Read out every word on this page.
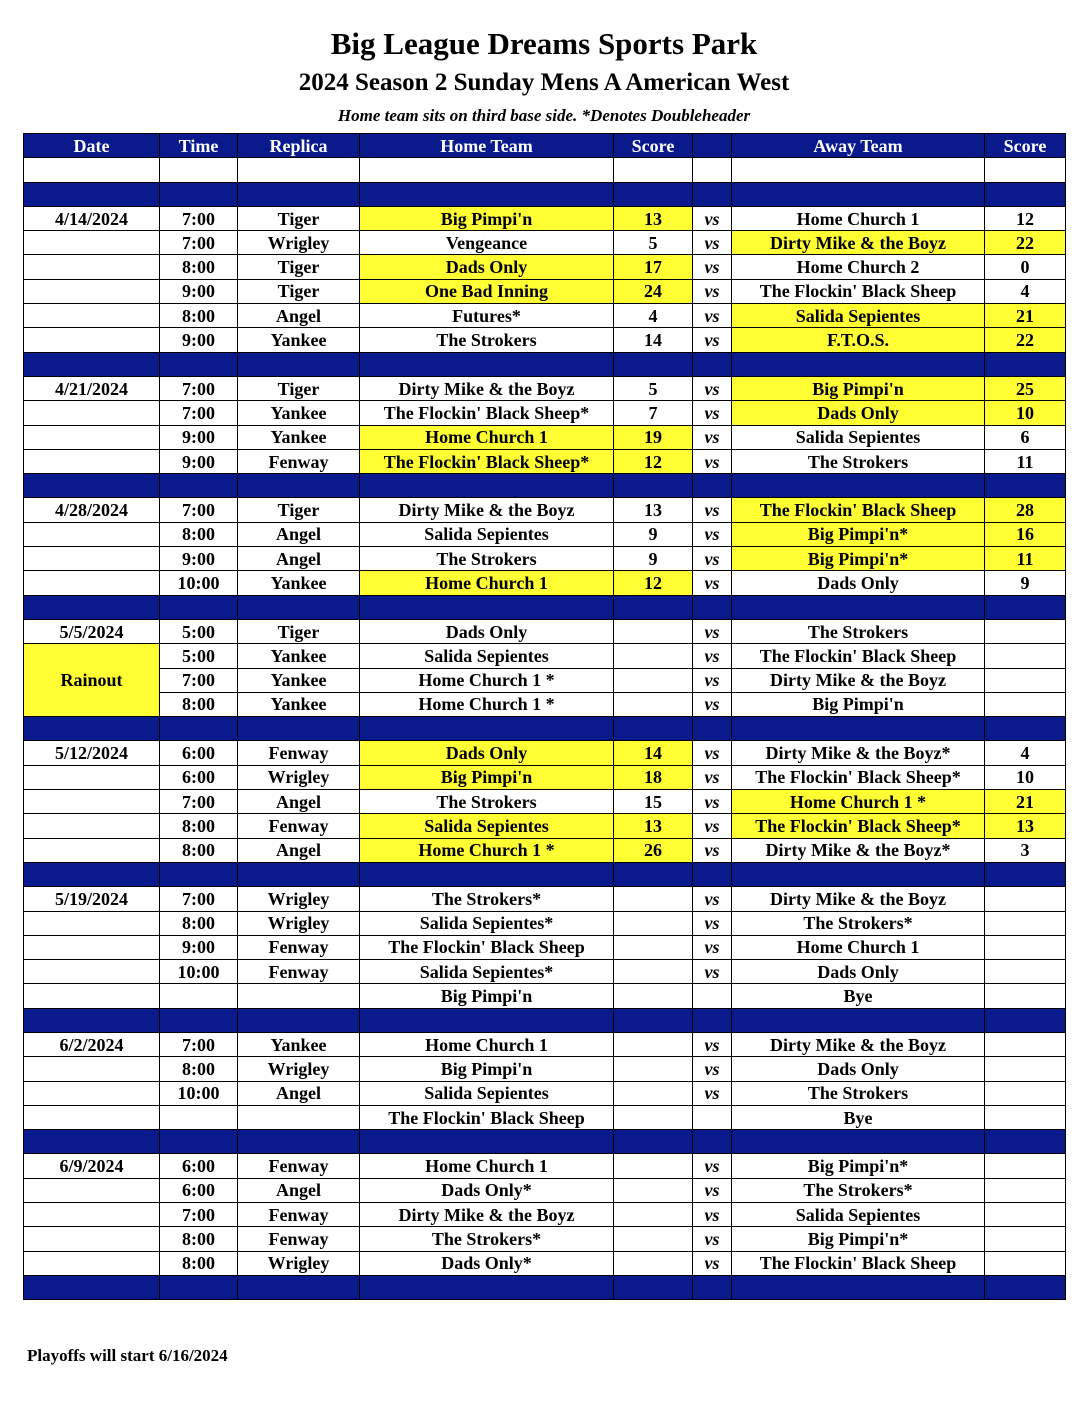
Big League Dreams Sports Park
2024 Season 2 Sunday Mens A American West
Home team sits on third base side. *Denotes Doubleheader
Date	Time	Replica	Home Team	Score		Away Team	Score

4/14/2024	7:00	Tiger	Big Pimpi'n	13	vs	Home Church 1	12
	7:00	Wrigley	Vengeance	5	vs	Dirty Mike & the Boyz	22
	8:00	Tiger	Dads Only	17	vs	Home Church 2	0
	9:00	Tiger	One Bad Inning	24	vs	The Flockin' Black Sheep	4
	8:00	Angel	Futures*	4	vs	Salida Sepientes	21
	9:00	Yankee	The Strokers	14	vs	F.T.O.S.	22

4/21/2024	7:00	Tiger	Dirty Mike & the Boyz	5	vs	Big Pimpi'n	25
	7:00	Yankee	The Flockin' Black Sheep*	7	vs	Dads Only	10
	9:00	Yankee	Home Church 1	19	vs	Salida Sepientes	6
	9:00	Fenway	The Flockin' Black Sheep*	12	vs	The Strokers	11

4/28/2024	7:00	Tiger	Dirty Mike & the Boyz	13	vs	The Flockin' Black Sheep	28
	8:00	Angel	Salida Sepientes	9	vs	Big Pimpi'n*	16
	9:00	Angel	The Strokers	9	vs	Big Pimpi'n*	11
	10:00	Yankee	Home Church 1	12	vs	Dads Only	9

5/5/2024	5:00	Tiger	Dads Only		vs	The Strokers	
Rainout	5:00	Yankee	Salida Sepientes		vs	The Flockin' Black Sheep	
	7:00	Yankee	Home Church 1 *		vs	Dirty Mike & the Boyz	
	8:00	Yankee	Home Church 1 *		vs	Big Pimpi'n	

5/12/2024	6:00	Fenway	Dads Only	14	vs	Dirty Mike & the Boyz*	4
	6:00	Wrigley	Big Pimpi'n	18	vs	The Flockin' Black Sheep*	10
	7:00	Angel	The Strokers	15	vs	Home Church 1 *	21
	8:00	Fenway	Salida Sepientes	13	vs	The Flockin' Black Sheep*	13
	8:00	Angel	Home Church 1 *	26	vs	Dirty Mike & the Boyz*	3

5/19/2024	7:00	Wrigley	The Strokers*		vs	Dirty Mike & the Boyz	
	8:00	Wrigley	Salida Sepientes*		vs	The Strokers*	
	9:00	Fenway	The Flockin' Black Sheep		vs	Home Church 1	
	10:00	Fenway	Salida Sepientes*		vs	Dads Only	
			Big Pimpi'n			Bye	

6/2/2024	7:00	Yankee	Home Church 1		vs	Dirty Mike & the Boyz	
	8:00	Wrigley	Big Pimpi'n		vs	Dads Only	
	10:00	Angel	Salida Sepientes		vs	The Strokers	
			The Flockin' Black Sheep			Bye	

6/9/2024	6:00	Fenway	Home Church 1		vs	Big Pimpi'n*	
	6:00	Angel	Dads Only*		vs	The Strokers*	
	7:00	Fenway	Dirty Mike & the Boyz		vs	Salida Sepientes	
	8:00	Fenway	The Strokers*		vs	Big Pimpi'n*	
	8:00	Wrigley	Dads Only*		vs	The Flockin' Black Sheep	

Playoffs will start 6/16/2024
